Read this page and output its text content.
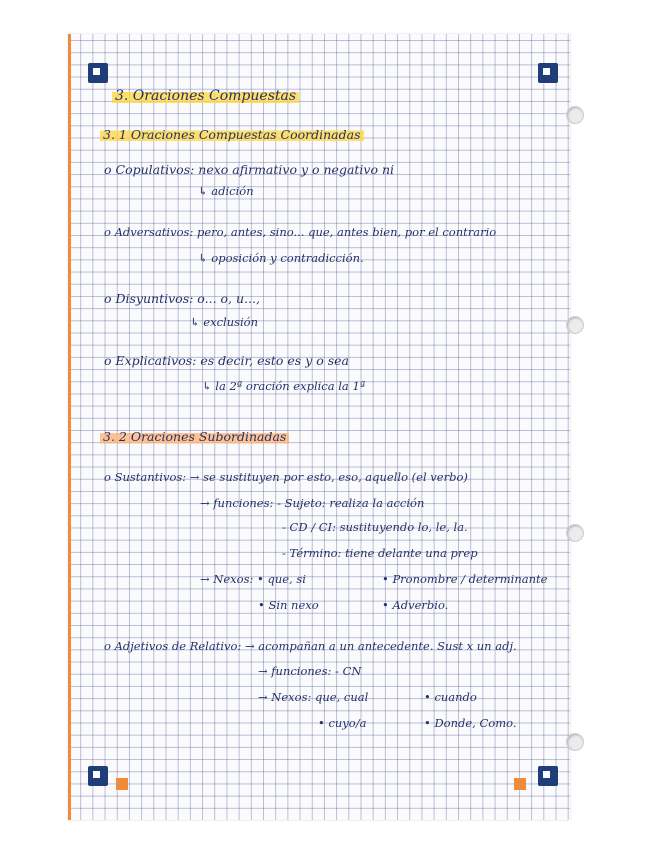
3. Oraciones Compuestas
3. 1 Oraciones Compuestas Coordinadas
o Copulativos: nexo afirmativo y o negativo ni
↳ adición
o Adversativos: pero, antes, sino... que, antes bien, por el contrario
↳ oposición y contradicción.
o Disyuntivos: o... o, u...,
↳ exclusión
o Explicativos: es decir, esto es y o sea
↳ la 2ª oración explica la 1ª
3. 2 Oraciones Subordinadas
o Sustantivos: → se sustituyen por esto, eso, aquello (el verbo)
→ funciones: - Sujeto: realiza la acción
- CD / CI: sustituyendo lo, le, la.
- Término: tiene delante una prep
→ Nexos: • que, si	• Pronombre / determinante
• Sin nexo	• Adverbio.
o Adjetivos de Relativo: → acompañan a un antecedente. Sust x un adj.
→ funciones: - CN
→ Nexos: que, cual	• cuando
• cuyo/a	• Donde, Como.
